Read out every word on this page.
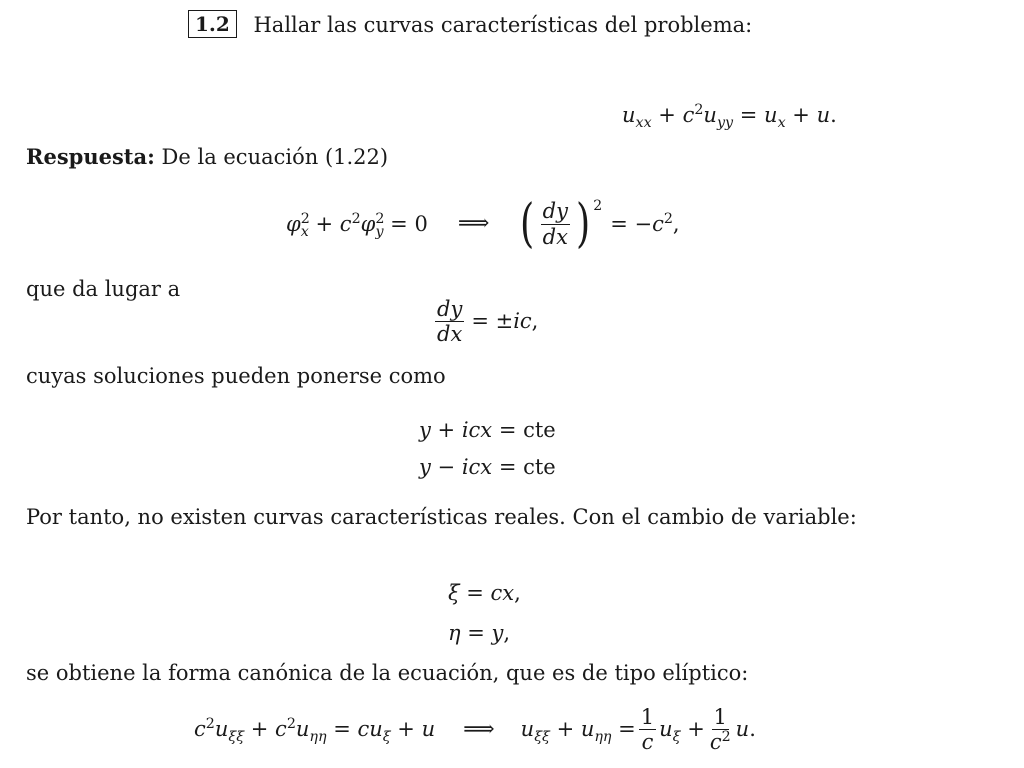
1.2 Hallar las curvas características del problema:
$u_{xx} + c^2u_{yy} = u_x + u$.
Respuesta: De la ecuación (1.22)
$\varphi^2_x + c^2\varphi^2_y = 0$ ⟹ ( $\frac{dy}{dx} )^2$
= $-c^2$,
que da lugar a
$\frac{dy}{dx} = \pm ic$,
cuyas soluciones pueden ponerse como
y + icx = cte
y − icx = cte
Por tanto, no existen curvas características reales. Con el cambio de variable:
ξ = cx,
η = y,
se obtiene la forma canónica de la ecuación, que es de tipo elíptico:
$c^2u_{\xi\xi} + c^2u_{\eta\eta} = cu_\xi + u$ ⟹ $u_{\xi\xi} + u_{\eta\eta} = \frac{1}{c} u_\xi + \frac{1}{c^2} u$.
